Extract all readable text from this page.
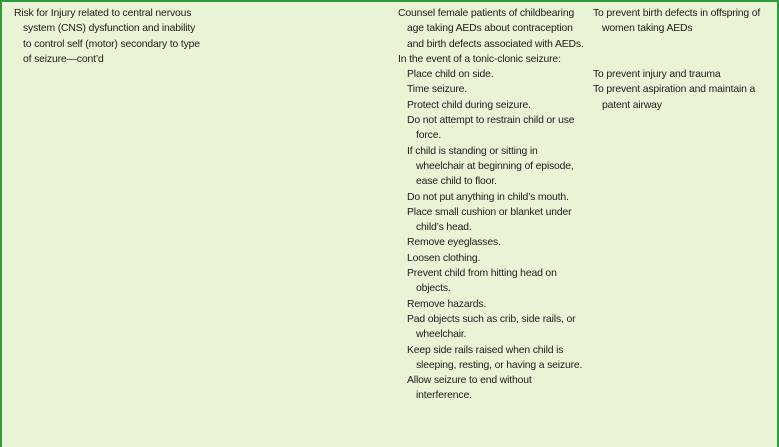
Risk for Injury related to central nervous system (CNS) dysfunction and inability to control self (motor) secondary to type of seizure—cont’d

Counsel female patients of childbearing age taking AEDs about contraception and birth defects associated with AEDs.

In the event of a tonic-clonic seizure:

Place child on side.

Time seizure.

Protect child during seizure.

Do not attempt to restrain child or use force.

If child is standing or sitting in wheelchair at beginning of episode, ease child to floor.

Do not put anything in child’s mouth.

Place small cushion or blanket under child’s head.

Remove eyeglasses.

Loosen clothing.

Prevent child from hitting head on objects.

Remove hazards.

Pad objects such as crib, side rails, or wheelchair.

Keep side rails raised when child is sleeping, resting, or having a seizure.

Allow seizure to end without interference.

To prevent birth defects in offspring of women taking AEDs

To prevent injury and trauma

To prevent aspiration and maintain a patent airway
